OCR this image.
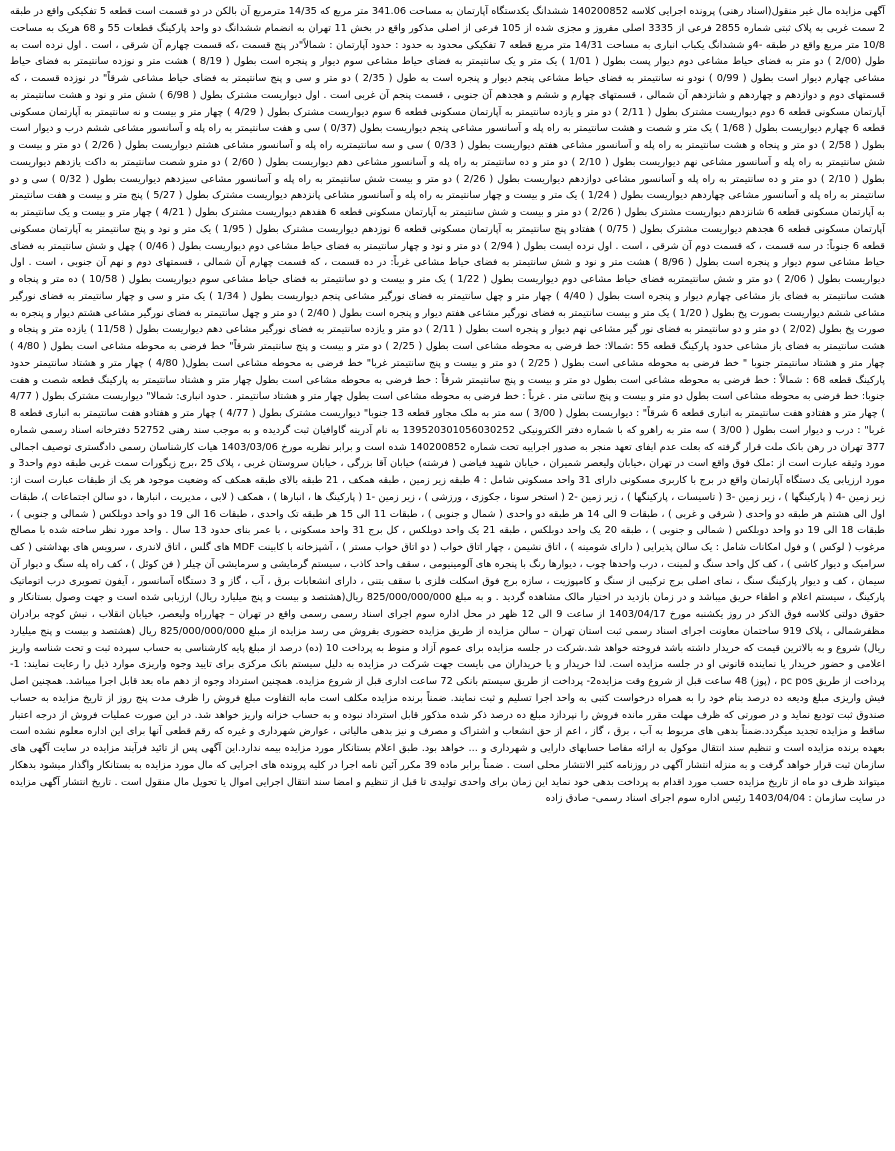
آگهی مزایده مال غیر منقول(اسناد رهنی) پرونده اجرایی کلاسه 140200852 ششدانگ یکدستگاه آپارتمان به مساحت 341.06 متر مربع که 14/35 مترمربع آن بالکن در دو قسمت است قطعه 5 تفکیکی واقع در طبقه 2 سمت غربی به پلاک ثبتی شماره 2855 فرعی از 3335 اصلی مفروز و مجزی شده از 105 فرعی از اصلی مذکور واقع در بخش 11 تهران به انضمام ششدانگ دو واحد پارکینگ قطعات 55 و 68 هریک به مساحت 10/8 متر مربع واقع در طبقه -4و ششدانگ یکباب انباری به مساحت 14/31 متر مربع قطعه 7 تفکیکی محدود به حدود : حدود آپارتمان : شمالاً"در پنج قسمت ،که قسمت چهارم آن شرقی ، است . اول نرده است به طول (2/00 ) دو متر به فضای حیاط مشاعی دوم دیوار پست بطول ( 1/01 ) یک متر و یک سانتیمتر به فضای حیاط مشاعی سوم دیوار و پنجره است بطول ( 8/19 ) هشت متر و نوزده سانتیمتر به فضای حیاط مشاعی چهارم دیوار است بطول ( 0/99 ) نودو نه سانتیمتر به فضای حیاط مشاعی پنجم دیوار و پنجره است به طول ( 2/35 ) دو متر و سی و پنج سانتیمتر به فضای حیاط مشاعی شرقاً" در نوزده قسمت ، که قسمتهای دوم و دوازدهم و چهاردهم و شانزدهم آن شمالی ، قسمتهای چهارم و ششم و هجدهم آن جنوبی ، قسمت پنجم آن غربی است . اول دیواریست مشترک بطول ( 6/98 ) شش متر و نود و هشت سانتیمتر به آپارتمان مسکونی قطعه 6 دوم دیواریست مشترک بطول ( 2/11 ) دو متر و یازده سانتیمتر به آپارتمان مسکونی قطعه 6 سوم دیواریست مشترک بطول ( 4/29 ) چهار متر و بیست و نه سانتیمتر به آپارتمان مسکونی قطعه 6 چهارم دیواریست بطول ( 1/68 ) یک متر و شصت و هشت سانتیمتر به راه پله و آسانسور مشاعی پنجم دیواریست بطول (0/37 ) سی و هفت سانتیمتر به راه پله و آسانسور مشاعی ششم درب و دیوار است بطول ( 2/58 ) دو متر و پنجاه و هشت سانتیمتر به راه پله و آسانسور مشاعی هفتم دیواریست بطول ( 0/33 ) سی و سه سانتیمتربه راه پله و آسانسور مشاعی هشتم دیواریست بطول ( 2/26 ) دو متر و بیست و شش سانتیمتر به راه پله و آسانسور مشاعی نهم دیواریست بطول ( 2/10 ) دو متر و ده سانتیمتر به راه پله و آسانسور مشاعی دهم دیواریست بطول ( 2/60 ) دو مترو شصت سانتیمتر به داکت یازدهم دیواریست بطول ( 2/10 ) دو متر و ده سانتیمتر به راه پله و آسانسور مشاعی دوازدهم دیواریست بطول ( 2/26 ) دو متر و بیست شش سانتیمتر به راه پله و آسانسور مشاعی سیزدهم دیواریست بطول ( 0/32 ) سی و دو سانتیمتر به راه پله و آسانسور مشاعی چهاردهم دیواریست بطول ( 1/24 ) یک متر و بیست و چهار سانتیمتر به راه پله و آسانسور مشاعی پانزدهم دیواریست مشترک بطول ( 5/27 ) پنج متر و بیست و هفت سانتیمتر به آپارتمان مسکونی قطعه 6 شانزدهم دیواریست مشترک بطول ( 2/26 ) دو متر و بیست و شش سانتیمتر به آپارتمان مسکونی قطعه 6 هفدهم دیواریست مشترک بطول ( 4/21 ) چهار متر و بیست و یک سانتیمتر به آپارتمان مسکونی قطعه 6 هجدهم دیواریست مشترک بطول ( 0/75 ) هفتادو پنج سانتیمتر به آپارتمان مسکونی قطعه 6 نوزدهم دیواریست مشترک بطول ( 1/95 ) یک متر و نود و پنج سانتیمتر به آپارتمان مسکونی قطعه 6 جنوباً: در سه قسمت ، که قسمت دوم آن شرقی ، است . اول نرده ایست بطول ( 2/94 ) دو متر و نود و چهار سانتیمتر به فضای حیاط مشاعی دوم دیواریست بطول ( 0/46 ) چهل و شش سانتیمتر به فضای حیاط مشاعی سوم دیوار و پنجره است بطول ( 8/96 ) هشت متر و نود و شش سانتیمتر به فضای حیاط مشاعی غرباً: در ده قسمت ، که قسمت چهارم آن شمالی ، قسمتهای دوم و نهم آن جنوبی ، است . اول دیواریست بطول ( 2/06 ) دو متر و شش سانتیمتربه فضای حیاط مشاعی دوم دیواریست بطول ( 1/22 ) یک متر و بیست و دو سانتیمتر به فضای حیاط مشاعی سوم دیواریست بطول ( 10/58 ) ده متر و پنجاه و هشت سانتیمتر به فضای باز مشاعی چهارم دیوار و پنجره است بطول ( 4/40 ) چهار متر و چهل سانتیمتر به فضای نورگیر مشاعی پنجم دیواریست بطول ( 1/34 ) یک متر و سی و چهار سانتیمتر به فضای نورگیر مشاعی ششم دیواریست بصورت پخ بطول ( 1/20 ) یک متر و بیست سانتیمتر به فضای نورگیر مشاعی هفتم دیوار و پنجره است بطول ( 2/40 ) دو متر و چهل سانتیمتر به فضای نورگیر مشاعی هشتم دیوار و پنجره به صورت پخ بطول (2/02 ) دو متر و دو سانتیمتر به فضای نور گیر مشاعی نهم دیوار و پنجره است بطول ( 2/11 ) دو متر و یازده سانتیمتر به فضای نورگیر مشاعی دهم دیواریست بطول ( 11/58 ) یازده متر و پنجاه و هشت سانتیمتر به فضای باز مشاعی حدود پارکینگ قطعه 55 :شمالا: خط فرضی به محوطه مشاعی است بطول ( 2/25 ) دو متر و بیست و پنج سانتیمتر شرقاً" خط فرضی به محوطه مشاعی است بطول ( 4/80 ) چهار متر و هشتاد سانتیمتر جنوبا " خط فرضی به محوطه مشاعی است بطول ( 2/25 ) دو متر و بیست و پنج سانتیمتر غربا" خط فرضی به محوطه مشاعی است بطول( 4/80 ) چهار متر و هشتاد سانتیمتر حدود پارکینگ قطعه 68 : شمالاً : خط فرضی به محوطه مشاعی است بطول دو متر و بیست و پنج سانتیمتر شرقاً : خط فرضی به محوطه مشاعی است بطول چهار متر و هشتاد سانتیمتر به پارکینگ قطعه شصت و هفت جنوبا: خط فرضی به محوطه مشاعی است بطول دو متر و بیست و پنج سانتی متر . غرباً : خط فرضی به محوطه مشاعی است بطول چهار متر و هشتاد سانتیمتر . حدود انباری: شمالا" دیواریست مشترک بطول ( 4/77 ) چهار متر و هفتادو هفت سانتیمتر به انباری قطعه 6 شرقاً" : دیواریست بطول ( 3/00 ) سه متر به ملک مجاور قطعه 13 جنوبا" دیواریست مشترک بطول ( 4/77 ) چهار متر و هفتادو هفت سانتیمتر به انباری قطعه 8 غربا" : درب و دیوار است بطول ( 3/00 ) سه متر به راهرو که با شماره دفتر الکترونیکی 139520301056030252 به نام آدرینه گاوافیان ثبت گردیده و به موجب سند رهنی 52752 دفترخانه اسناد رسمی شماره 377 تهران در رهن بانک ملت قرار گرفته که بعلت عدم ایفای تعهد منجر به صدور اجراییه تحت شماره 140200852 شده است و برابر نظریه مورخ 1403/03/06 هیات کارشناسان رسمی دادگستری توصیف اجمالی مورد وثیقه عبارت است از :ملک فوق واقع است در تهران ،خیابان ولیعصر شمیران ، خیابان شهید فیاضی ( فرشته) خیابان آقا بزرگی ، خیابان سروستان غربی ، پلاک 25 ،برج زیگورات سمت غربی طبقه دوم واحد3 و مورد ارزیابی یک دستگاه آپارتمان واقع در برج با کاربری مسکونی دارای 31 واحد مسکونی شامل : 4 طبقه زیر زمین ، طبقه همکف ، 21 طبقه بالای طبقه همکف که وضعیت موجود هر یک از طبقات عبارت است از: زیر زمین -4 ( پارکینگها ) ، زیر زمین -3 ( تاسیسات ، پارکینگها ) ، زیر زمین -2 ( استخر سونا ، جکوزی ، ورزشی ) ، زیر زمین -1 ( پارکینگ ها ، انبارها ) ، همکف ( لابی ، مدیریت ، انبارها ، دو سالن اجتماعات )، طبقات اول الی هشتم هر طبقه دو واحدی ( شرقی و غربی ) ، طبقات 9 الی 14 هر طبقه دو واحدی ( شمال و جنوبی ) ، طبقات 11 الی 15 هر طبقه تک واحدی ، طبقات 16 الی 19 دو واحد دوبلکس ( شمالی و جنوبی ) ، طبقات 18 الی 19 دو واحد دوبلکس ( شمالی و جنوبی ) ، طبقه 20 یک واحد دوبلکس ، طبقه 21 یک واحد دوبلکس ، کل برج 31 واحد مسکونی ، با عمر بنای حدود 13 سال . واحد مورد نظر ساخته شده با مصالح مرغوب ( لوکس ) و فول امکانات شامل : یک سالن پذیرایی ( دارای شومینه ) ، اتاق نشیمن ، چهار اتاق خواب ( دو اتاق خواب مستر ) ، آشپزخانه با کابینت MDF های گلس ، اتاق لاندری ، سرویس های بهداشتی ( کف سرامیک و دیوار کاشی ) ، کف کل واحد سنگ و لمینت ، درب واحدها چوب ، دیوارها رنگ با پنجره های آلومینیومی ، سقف واحد کاذب ، سیستم گرمایشی و سرمایشی آن چیلر ( فن کوئل ) ، کف راه پله سنگ و دیوار آن سیمان ، کف و دیوار پارکینگ سنگ ، نمای اصلی برج ترکیبی از سنگ و کامپوزیت ، سازه برج فوق اسکلت فلزی با سقف بتنی ، دارای انشعابات برق ، آب ، گاز و 3 دستگاه آسانسور ، آیفون تصویری درب اتوماتیک پارکینگ ، سیستم اعلام و اطفاء حریق میباشد و در زمان بازدید در اختیار مالک مشاهده گردید . و به مبلغ 825/000/000/000 ریال(هشتصد و بیست و پنج میلیارد ریال) ارزیابی شده است و جهت وصول بستانکار و حقوق دولتی کلاسه فوق الذکر در روز یکشنبه مورخ 1403/04/17 از ساعت 9 الی 12 ظهر در محل اداره سوم اجرای اسناد رسمی رسمی واقع در تهران – چهارراه ولیعصر، خیابان انقلاب ، نبش کوچه برادران مظفرشمالی ، پلاک 919 ساختمان معاونت اجرای اسناد رسمی ثبت استان تهران – سالن مزایده از طریق مزایده حضوری بفروش می رسد مزایده از مبلغ 825/000/000/000 ریال (هشتصد و بیست و پنج میلیارد ریال) شروع و به بالاترین قیمت که خریدار داشته باشد فروخته خواهد شد.شرکت در جلسه مزایده برای عموم آزاد و منوط به پرداخت 10 (ده) درصد از مبلغ پایه کارشناسی به حساب سپرده ثبت و تحت شناسه واریز اعلامی و حضور خریدار یا نماینده قانونی او در جلسه مزایده است. لذا خریدار و یا خریداران می بایست جهت شرکت در مزایده به دلیل سیستم بانک مرکزی برای تایید وجوه واریزی موارد ذیل را رعایت نمایند: 1- پرداخت از طریق pc pos ، (پوز) 48 ساعت قبل از شروع وقت مزایده2- پرداخت از طریق سیستم بانکی 72 ساعت اداری قبل از شروع مزایده. همچنین استرداد وجوه از دهم ماه بعد قابل اجرا میباشد. همچنین اصل فیش واریزی مبلغ ودیعه ده درصد بنام خود را به همراه درخواست کتبی به واحد اجرا تسلیم و ثبت نمایند. ضمناً برنده مزایده مکلف است مابه التفاوت مبلغ فروش را ظرف مدت پنج روز از تاریخ مزایده به حساب صندوق ثبت تودیع نماید و در صورتی که ظرف مهلت مقرر مانده فروش را نپردازد مبلغ ده درصد ذکر شده مذکور قابل استرداد نبوده و به حساب خزانه واریز خواهد شد. در این صورت عملیات فروش از درجه اعتبار ساقط و مزایده تجدید میگردد.ضمناً بدهی های مربوط به آب ، برق ، گاز ، اعم از حق انشعاب و اشتراک و مصرف و نیز بدهی مالیاتی ، عوارض شهرداری و غیره که رقم قطعی آنها برای این اداره معلوم نشده است بعهده برنده مزایده است و تنظیم سند انتقال موکول به ارائه مفاصا حسابهای دارایی و شهرداری و ... خواهد بود. طبق اعلام بستانکار مورد مزایده بیمه ندارد.این آگهی پس از تائید فرآیند مزایده در سایت آگهی های سازمان ثبت قرار خواهد گرفت و به منزله انتشار آگهی در روزنامه کثیر الانتشار محلی است . ضمناً برابر ماده 39 مکرر آئین نامه اجرا در کلیه پرونده های اجرایی که مال مورد مزایده به بستانکار واگذار میشود بدهکار میتواند ظرف دو ماه از تاریخ مزایده حسب مورد اقدام به پرداخت بدهی خود نماید این زمان برای واحدی تولیدی تا قبل از تنظیم و امضا سند انتقال اجرایی اموال یا تحویل مال منقول است . تاریخ انتشار آگهی مزایده در سایت سازمان : 1403/04/04 رئیس اداره سوم اجرای اسناد رسمی- صادق زاده
